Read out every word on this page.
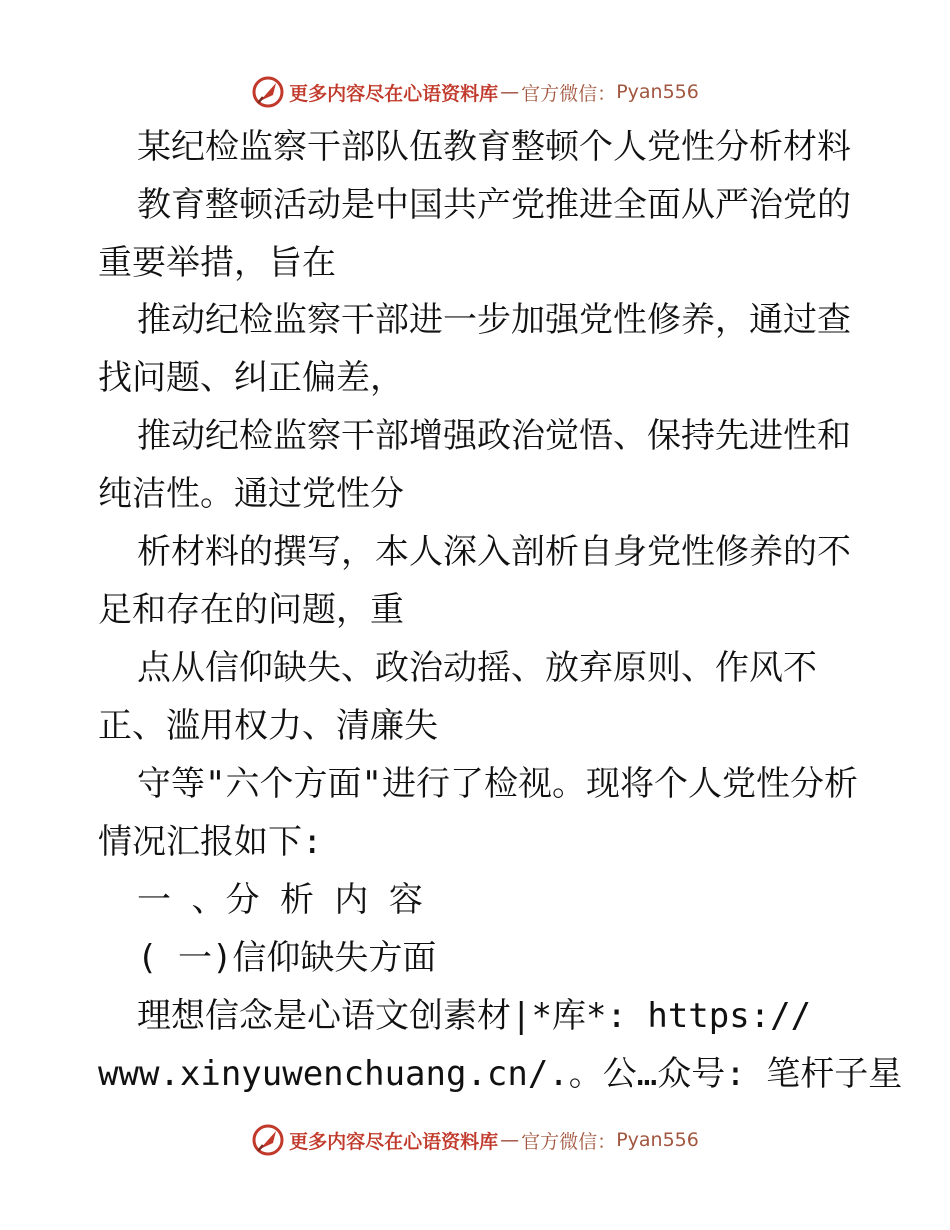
更多内容尽在心语资料库 — 官方微信： Pyan556
某纪检监察干部队伍教育整顿个人党性分析材料
教育整顿活动是中国共产党推进全面从严治党的
重要举措，旨在
推动纪检监察干部进一步加强党性修养，通过查
找问题、纠正偏差，
推动纪检监察干部增强政治觉悟、保持先进性和
纯洁性。通过党性分
析材料的撰写，本人深入剖析自身党性修养的不
足和存在的问题，重
点从信仰缺失、政治动摇、放弃原则、作风不
正、滥用权力、清廉失
守等"六个方面"进行了检视。现将个人党性分析
情况汇报如下:
一 、分 析 内 容
( 一)信仰缺失方面
理想信念是心语文创素材|*库*: https://
www.xinyuwenchuang.cn/.。公…众号: 笔杆子星
更多内容尽在心语资料库 — 官方微信： Pyan556
